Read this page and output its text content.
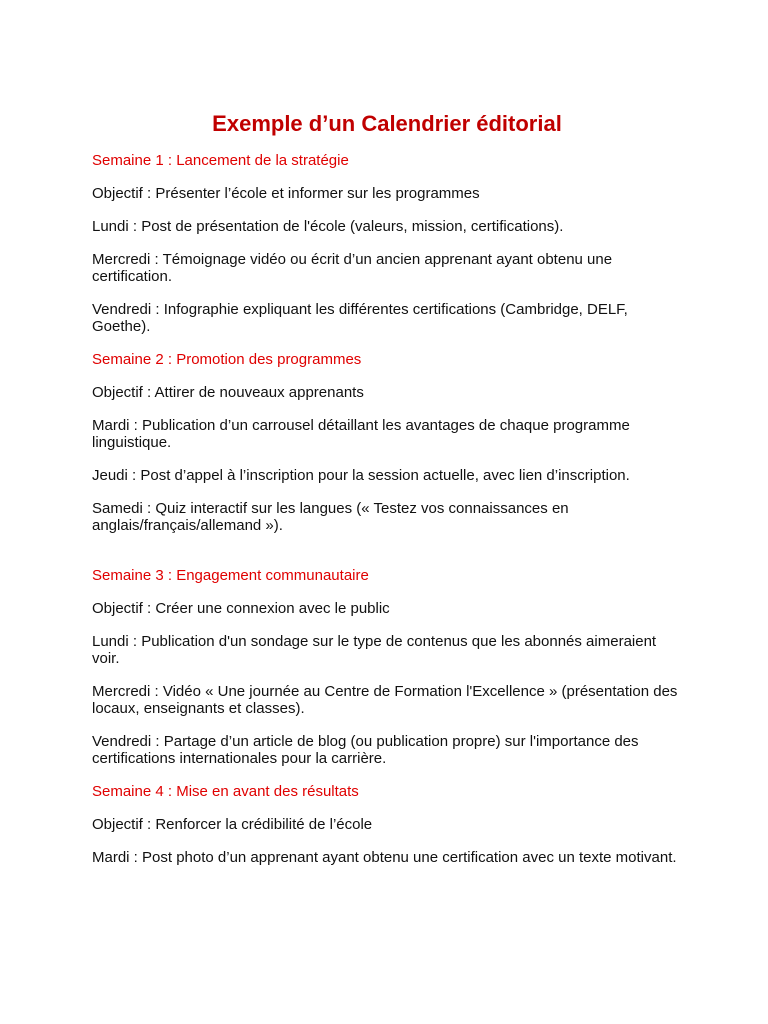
Exemple d’un Calendrier éditorial
Semaine 1 : Lancement de la stratégie
Objectif : Présenter l’école et informer sur les programmes
Lundi : Post de présentation de l'école (valeurs, mission, certifications).
Mercredi : Témoignage vidéo ou écrit d’un ancien apprenant ayant obtenu une certification.
Vendredi : Infographie expliquant les différentes certifications (Cambridge, DELF, Goethe).
Semaine 2 : Promotion des programmes
Objectif : Attirer de nouveaux apprenants
Mardi : Publication d’un carrousel détaillant les avantages de chaque programme linguistique.
Jeudi : Post d’appel à l’inscription pour la session actuelle, avec lien d’inscription.
Samedi : Quiz interactif sur les langues (« Testez vos connaissances en anglais/français/allemand »).
Semaine 3 : Engagement communautaire
Objectif : Créer une connexion avec le public
Lundi : Publication d'un sondage sur le type de contenus que les abonnés aimeraient voir.
Mercredi : Vidéo « Une journée au Centre de Formation l'Excellence » (présentation des locaux, enseignants et classes).
Vendredi : Partage d’un article de blog (ou publication propre) sur l'importance des certifications internationales pour la carrière.
Semaine 4 : Mise en avant des résultats
Objectif : Renforcer la crédibilité de l’école
Mardi : Post photo d’un apprenant ayant obtenu une certification avec un texte motivant.
